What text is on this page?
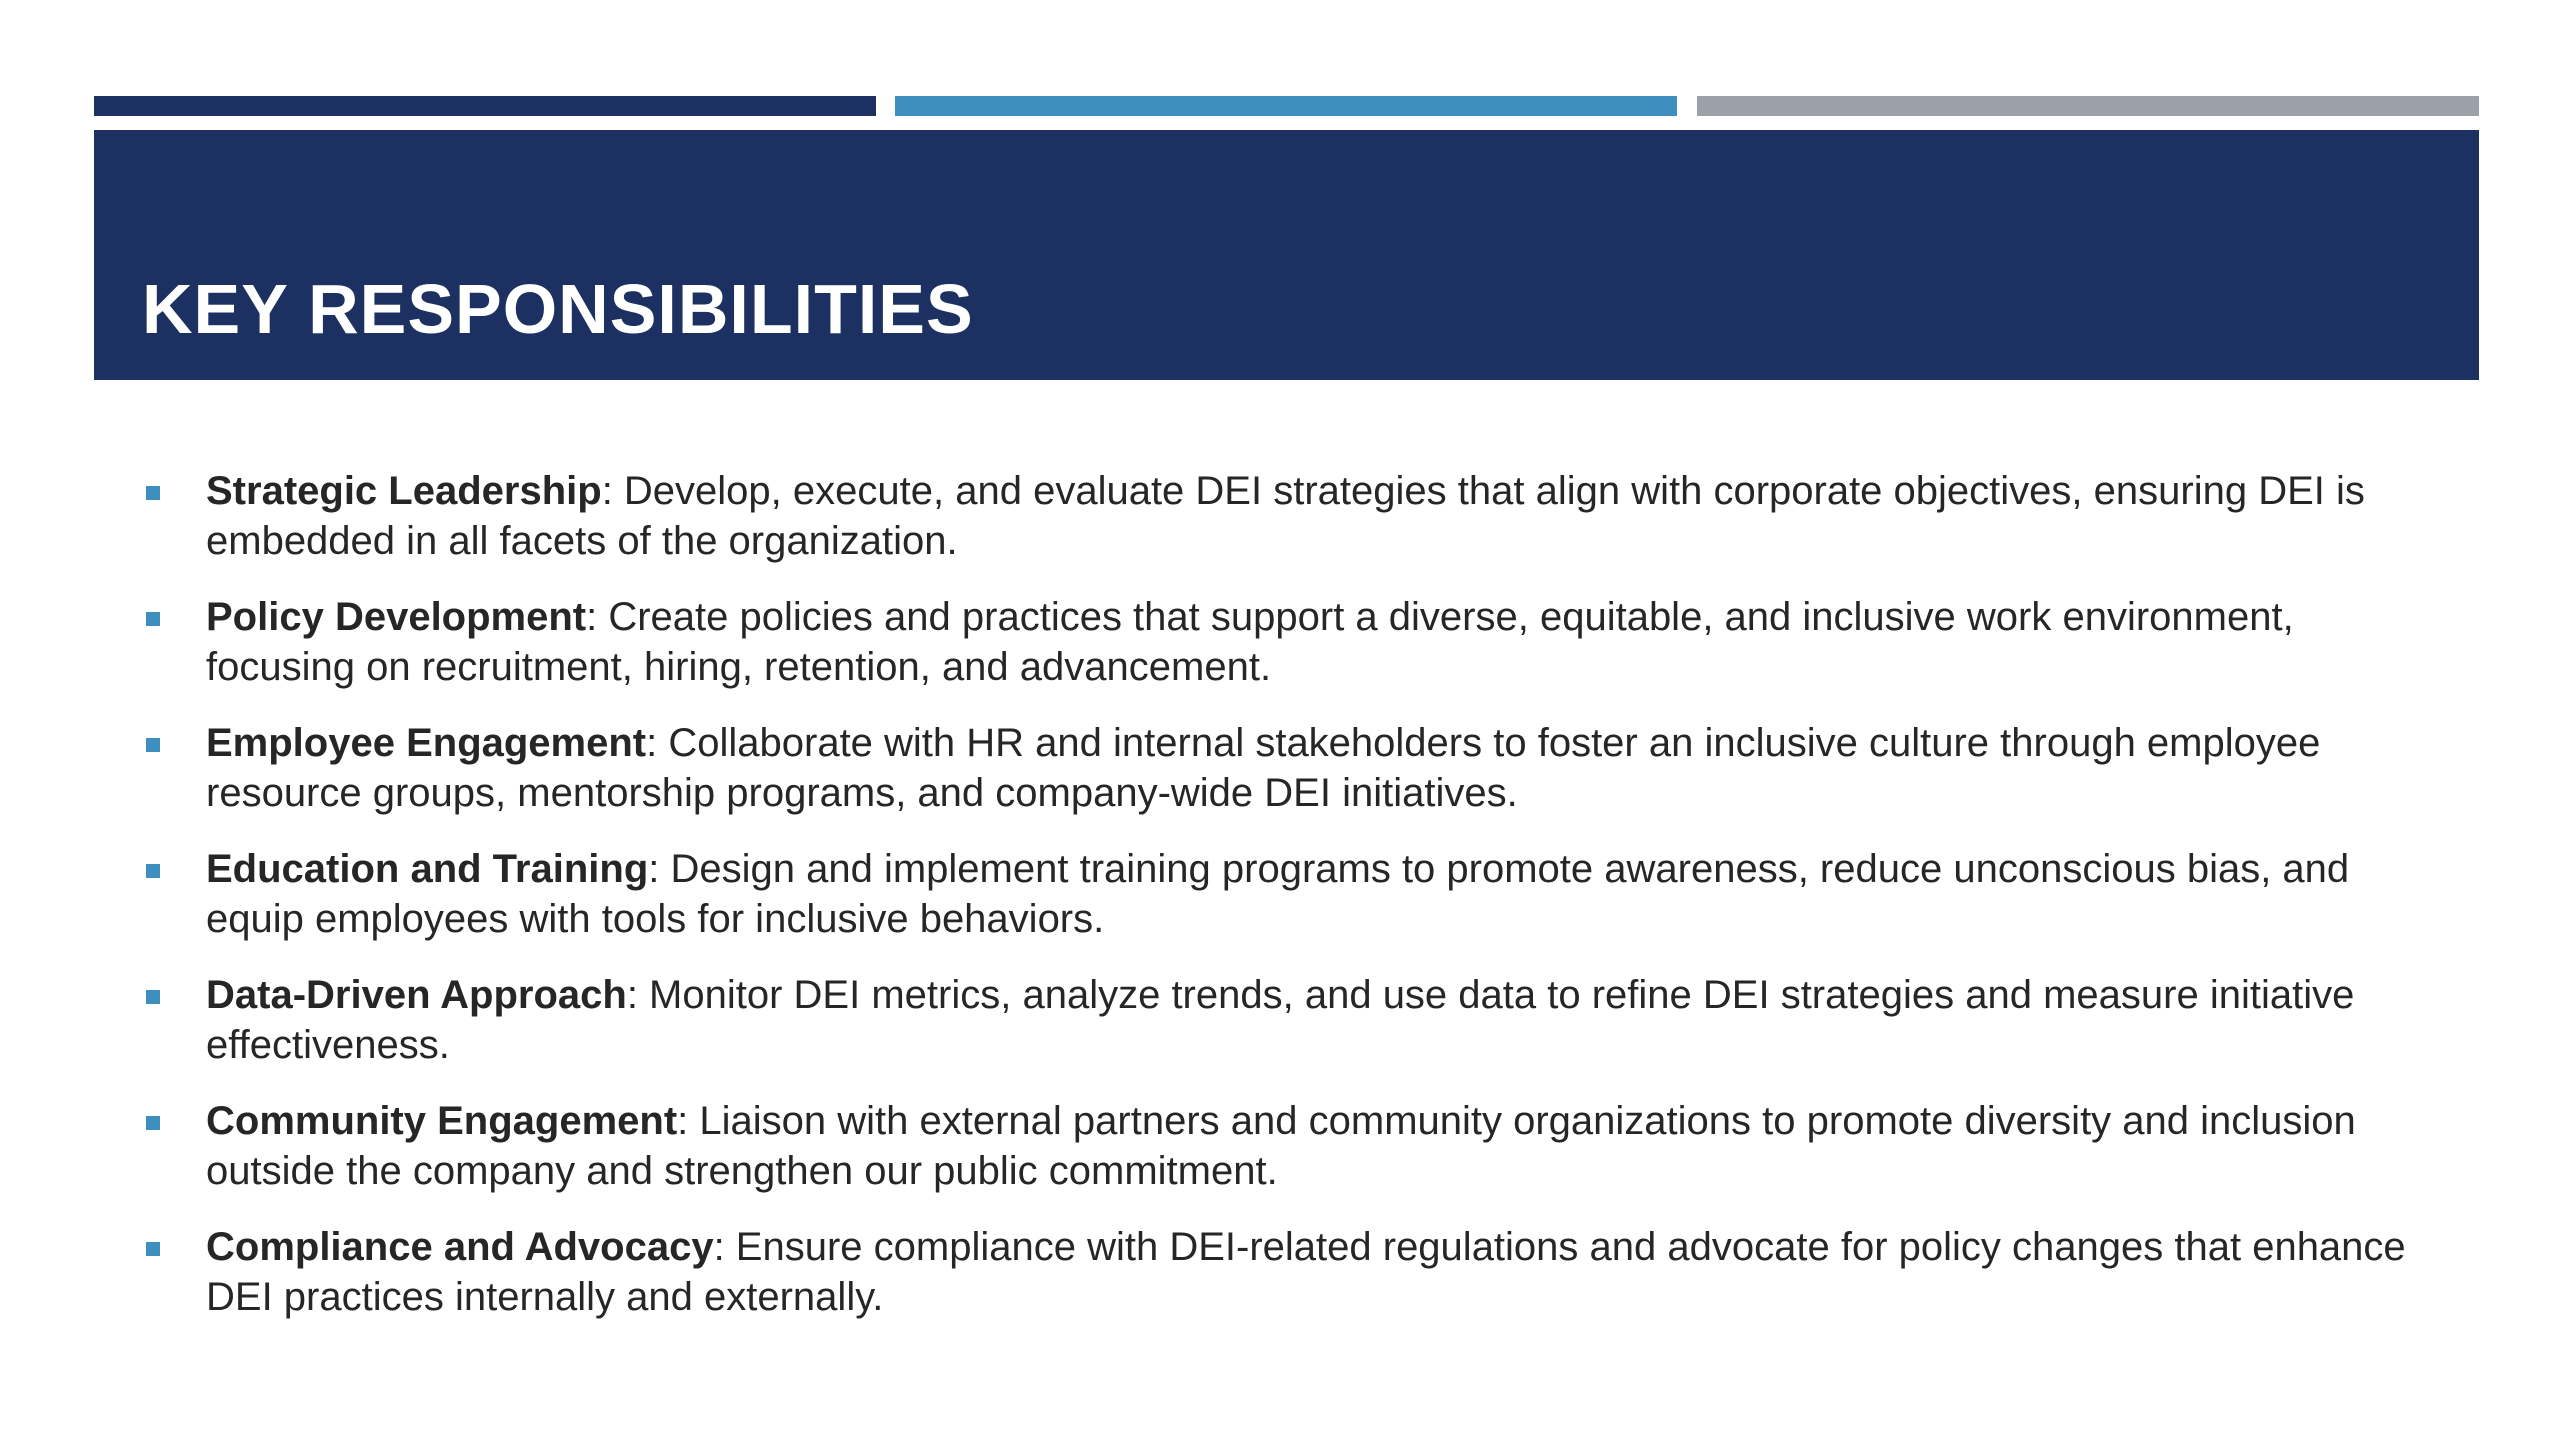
KEY RESPONSIBILITIES
Strategic Leadership: Develop, execute, and evaluate DEI strategies that align with corporate objectives, ensuring DEI is embedded in all facets of the organization.
Policy Development: Create policies and practices that support a diverse, equitable, and inclusive work environment, focusing on recruitment, hiring, retention, and advancement.
Employee Engagement: Collaborate with HR and internal stakeholders to foster an inclusive culture through employee resource groups, mentorship programs, and company-wide DEI initiatives.
Education and Training: Design and implement training programs to promote awareness, reduce unconscious bias, and equip employees with tools for inclusive behaviors.
Data-Driven Approach: Monitor DEI metrics, analyze trends, and use data to refine DEI strategies and measure initiative effectiveness.
Community Engagement: Liaison with external partners and community organizations to promote diversity and inclusion outside the company and strengthen our public commitment.
Compliance and Advocacy: Ensure compliance with DEI-related regulations and advocate for policy changes that enhance DEI practices internally and externally.
